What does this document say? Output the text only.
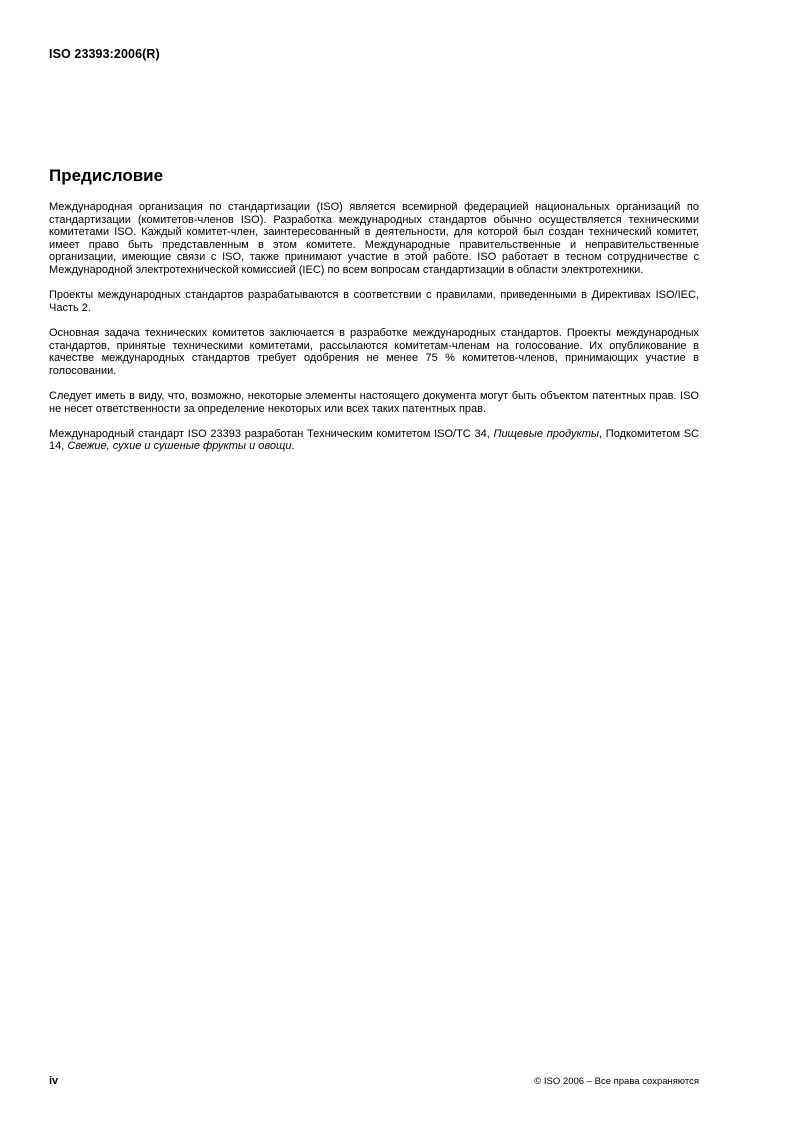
ISO 23393:2006(R)
Предисловие

Международная организация по стандартизации (ISO) является всемирной федерацией национальных организаций по стандартизации (комитетов-членов ISO). Разработка международных стандартов обычно осуществляется техническими комитетами ISO. Каждый комитет-член, заинтересованный в деятельности, для которой был создан технический комитет, имеет право быть представленным в этом комитете. Международные правительственные и неправительственные организации, имеющие связи с ISO, также принимают участие в этой работе. ISO работает в тесном сотрудничестве с Международной электротехнической комиссией (IEC) по всем вопросам стандартизации в области электротехники.

Проекты международных стандартов разрабатываются в соответствии с правилами, приведенными в Директивах ISO/IEC, Часть 2.

Основная задача технических комитетов заключается в разработке международных стандартов. Проекты международных стандартов, принятые техническими комитетами, рассылаются комитетам-членам на голосование. Их опубликование в качестве международных стандартов требует одобрения не менее 75 % комитетов-членов, принимающих участие в голосовании.

Следует иметь в виду, что, возможно, некоторые элементы настоящего документа могут быть объектом патентных прав. ISO не несет ответственности за определение некоторых или всех таких патентных прав.

Международный стандарт ISO 23393 разработан Техническим комитетом ISO/TC 34, Пищевые продукты, Подкомитетом SC 14, Свежие, сухие и сушеные фрукты и овощи.

iv	© ISO 2006 – Все права сохраняются
